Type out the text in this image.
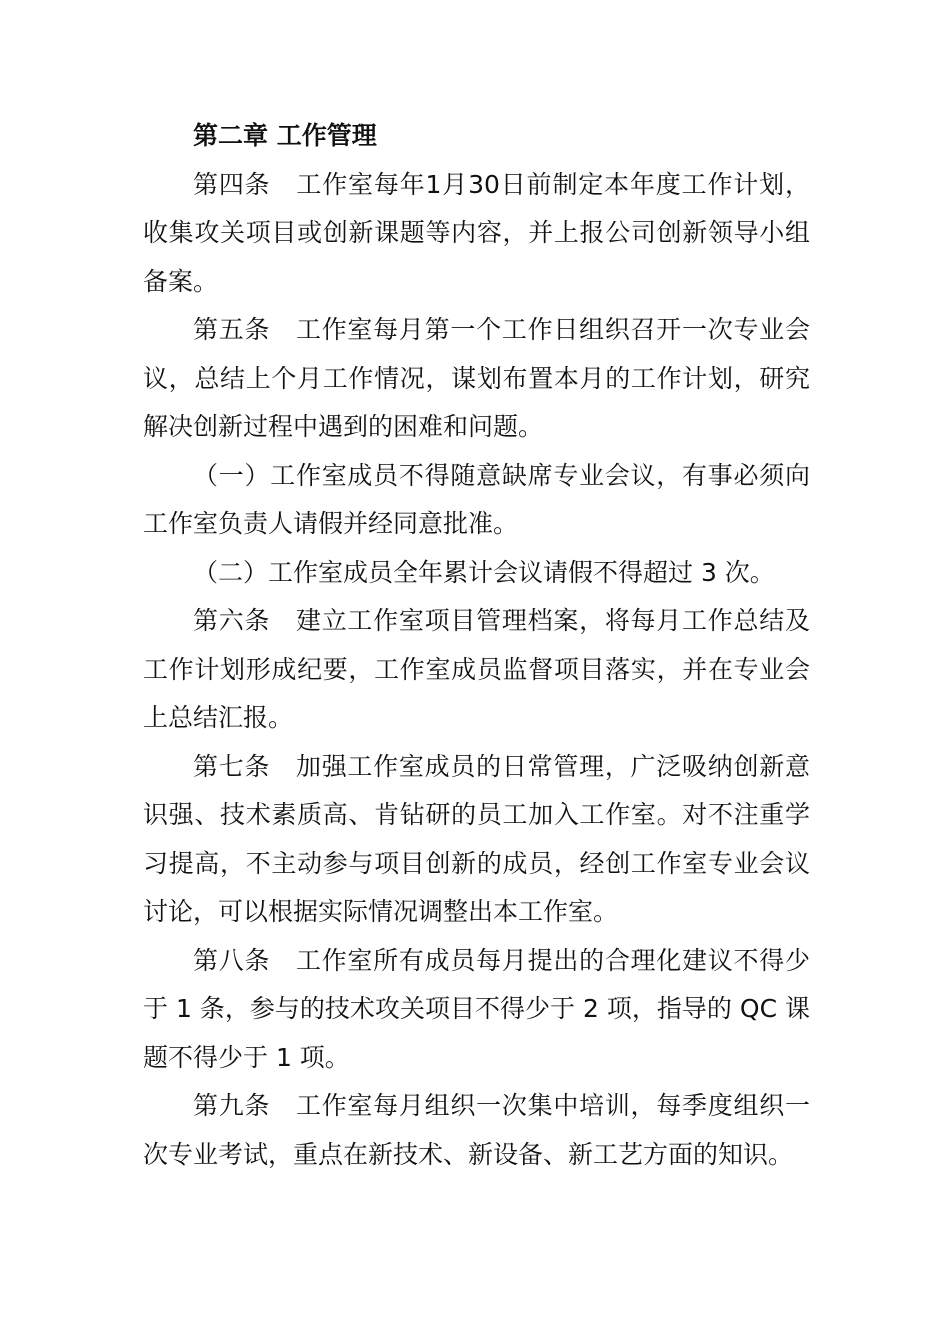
第二章 工作管理

第四条　工作室每年1月30日前制定本年度工作计划，收集攻关项目或创新课题等内容，并上报公司创新领导小组备案。

第五条　工作室每月第一个工作日组织召开一次专业会议，总结上个月工作情况，谋划布置本月的工作计划，研究解决创新过程中遇到的困难和问题。

（一）工作室成员不得随意缺席专业会议，有事必须向工作室负责人请假并经同意批准。

（二）工作室成员全年累计会议请假不得超过 3 次。

第六条　建立工作室项目管理档案，将每月工作总结及工作计划形成纪要，工作室成员监督项目落实，并在专业会上总结汇报。

第七条　加强工作室成员的日常管理，广泛吸纳创新意识强、技术素质高、肯钻研的员工加入工作室。对不注重学习提高，不主动参与项目创新的成员，经创工作室专业会议讨论，可以根据实际情况调整出本工作室。

第八条　工作室所有成员每月提出的合理化建议不得少于 1 条，参与的技术攻关项目不得少于 2 项，指导的 QC 课题不得少于 1 项。

第九条　工作室每月组织一次集中培训，每季度组织一次专业考试，重点在新技术、新设备、新工艺方面的知识。
